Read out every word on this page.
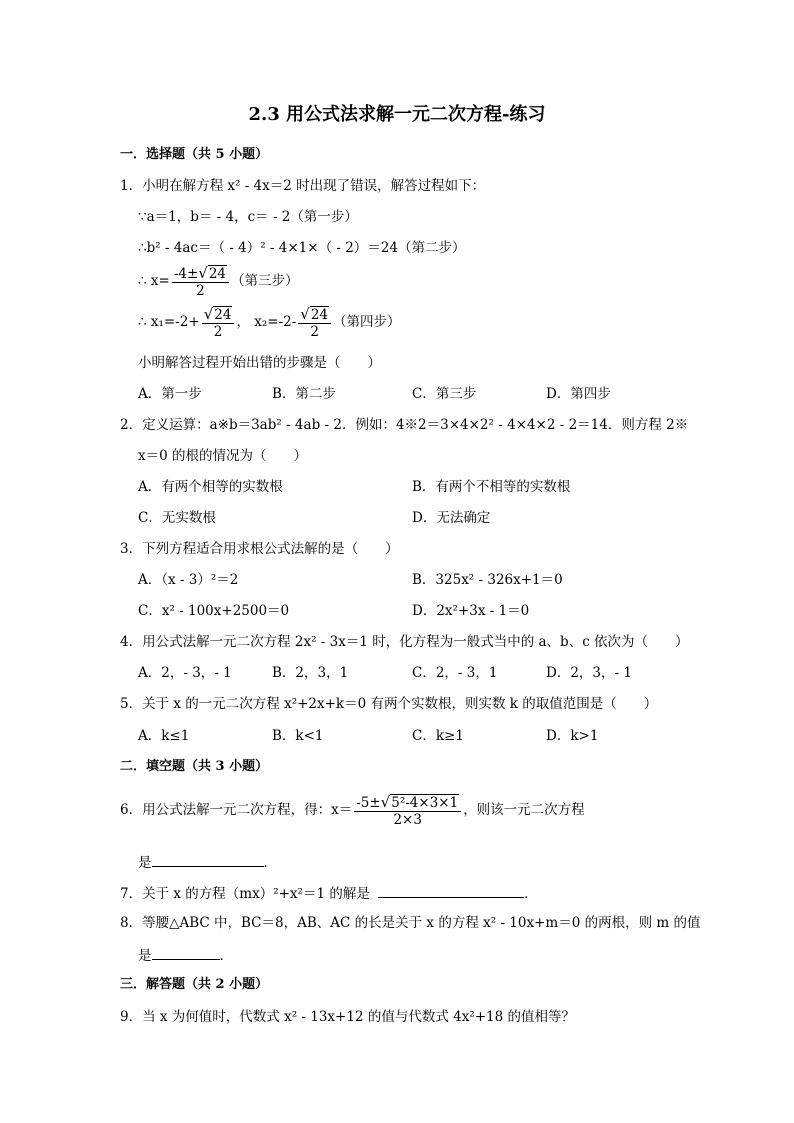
2.3 用公式法求解一元二次方程-练习
一．选择题（共 5 小题）
1．小明在解方程 x² - 4x＝2 时出现了错误，解答过程如下：
∵a＝1，b＝ - 4，c＝ - 2（第一步）
∴b² - 4ac＝（ - 4）² - 4×1×（ - 2）＝24（第二步）
∴ $x= \frac{-4\pm√24}{2}$ （第三步）
∴ $x_1=-2+ \frac{√24}{2}$ ， $x_2=-2- \frac{√24}{2}$ （第四步）
小明解答过程开始出错的步骤是（　　）
A．第一步	B．第二步	C．第三步	D．第四步
2．定义运算：a※b＝3ab² - 4ab - 2．例如：4※2＝3×4×2² - 4×4×2 - 2＝14．则方程 2※
x＝0 的根的情况为（　　）
A．有两个相等的实数根	B．有两个不相等的实数根
C．无实数根	D．无法确定
3．下列方程适合用求根公式法解的是（　　）
A．（x - 3）²＝2	B．325x² - 326x+1＝0
C．x² - 100x+2500＝0	D．2x²+3x - 1＝0
4．用公式法解一元二次方程 2x² - 3x＝1 时，化方程为一般式当中的 a、b、c 依次为（　　）
A．2，- 3，- 1	B．2，3，1	C．2，- 3，1	D．2，3，- 1
5．关于 x 的一元二次方程 x²+2x+k＝0 有两个实数根，则实数 k 的取值范围是（　　）
A．k≤1	B．k<1	C．k≥1	D．k>1
二．填空题（共 3 小题）
6．用公式法解一元二次方程，得：$x= \frac{\text{-5±√5²-4×3×1}}{2\times 3}$ ，则该一元二次方程
是	．
7．关于 x 的方程（mx）²+x²＝1 的解是	．
8．等腰△ABC 中，BC＝8，AB、AC 的长是关于 x 的方程 x² - 10x+m＝0 的两根，则 m 的值
是	．
三．解答题（共 2 小题）
9．当 x 为何值时，代数式 x² - 13x+12 的值与代数式 4x²+18 的值相等？
